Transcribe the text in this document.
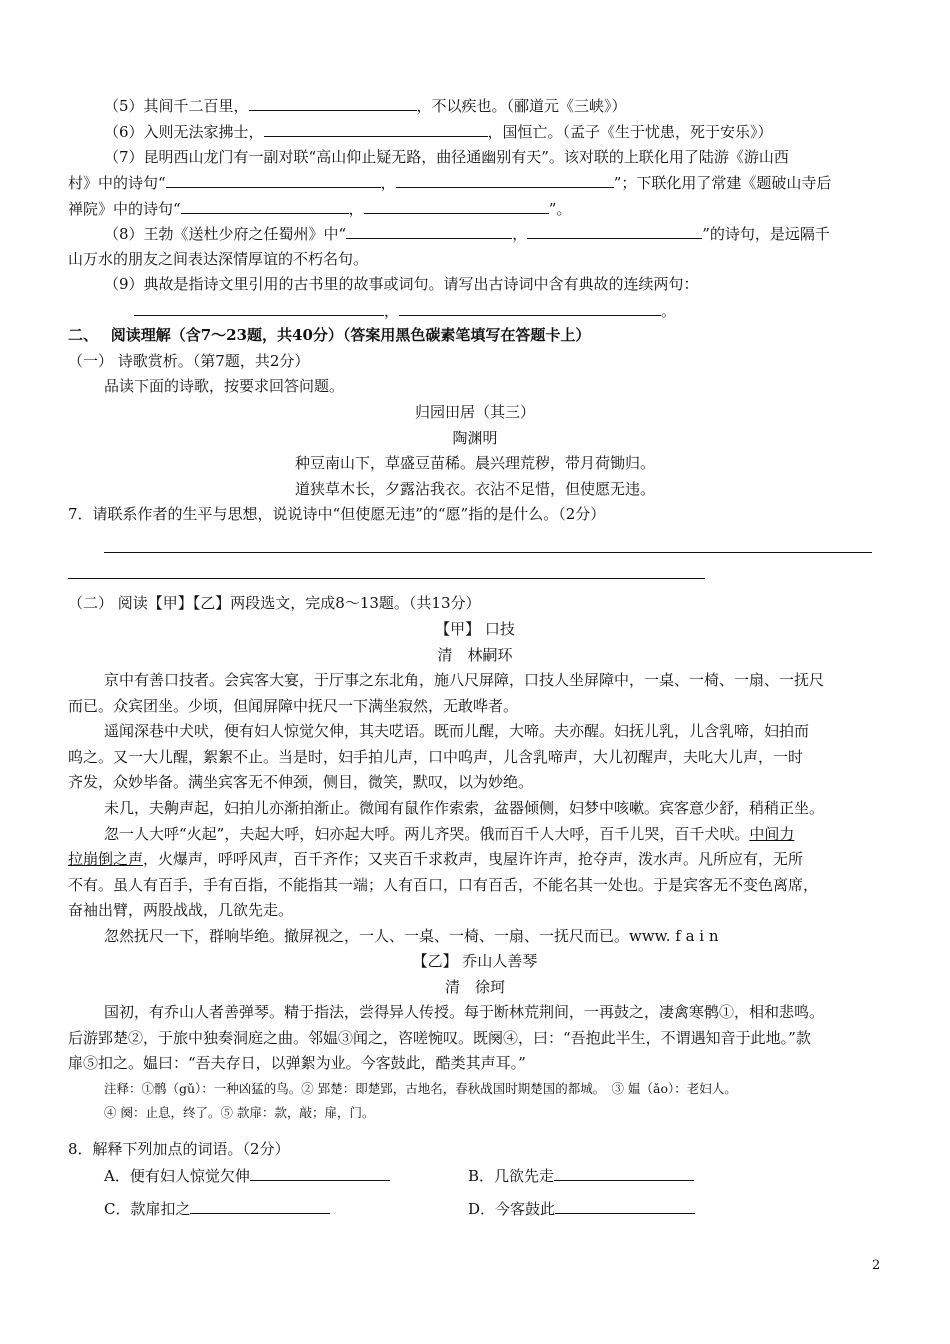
（5）其间千二百里，	，不以疾也。（郦道元《三峡》）
（6）入则无法家拂士，	，国恒亡。（孟子《生于忧患，死于安乐》）
（7）昆明西山龙门有一副对联“高山仰止疑无路，曲径通幽别有天”。该对联的上联化用了陆游《游山西
村》中的诗句“	，	”；下联化用了常建《题破山寺后
禅院》中的诗句“	，	”。
（8）王勃《送杜少府之任蜀州》中“	，	”的诗句，是远隔千
山万水的朋友之间表达深情厚谊的不朽名句。
（9）典故是指诗文里引用的古书里的故事或词句。请写出古诗词中含有典故的连续两句：
，	。
二、　 阅读理解（含7～23题，共40分）（答案用黑色碳素笔填写在答题卡上）
（一） 诗歌赏析。（第7题，共2分）
品读下面的诗歌，按要求回答问题。
归园田居（其三）
陶渊明
种豆南山下，草盛豆苗稀。晨兴理荒秽，带月荷锄归。
道狭草木长，夕露沾我衣。衣沾不足惜，但使愿无违。
7．请联系作者的生平与思想，说说诗中“但使愿无违”的“愿”指的是什么。（2分）
（二） 阅读【甲】【乙】两段选文，完成8～13题。（共13分）
【甲】 口技
清　林嗣环
京中有善口技者。会宾客大宴，于厅事之东北角，施八尺屏障，口技人坐屏障中，一桌、一椅、一扇、一抚尺
而已。众宾团坐。少顷，但闻屏障中抚尺一下满坐寂然，无敢哗者。
遥闻深巷中犬吠，便有妇人惊觉欠伸，其夫呓语。既而儿醒，大啼。夫亦醒。妇抚儿乳，儿含乳啼，妇拍而
呜之。又一大儿醒，絮絮不止。当是时，妇手拍儿声，口中呜声，儿含乳啼声，大儿初醒声，夫叱大儿声，一时
齐发，众妙毕备。满坐宾客无不伸颈，侧目，微笑，默叹，以为妙绝。
未几，夫齁声起，妇拍儿亦渐拍渐止。微闻有鼠作作索索，盆器倾侧，妇梦中咳嗽。宾客意少舒，稍稍正坐。
忽一人大呼“火起”，夫起大呼，妇亦起大呼。两儿齐哭。俄而百千人大呼，百千儿哭，百千犬吠。中间力
拉崩倒之声，火爆声，呼呼风声，百千齐作；又夹百千求救声，曳屋许许声，抢夺声，泼水声。凡所应有，无所
不有。虽人有百手，手有百指，不能指其一端；人有百口，口有百舌，不能名其一处也。于是宾客无不变色离席，
奋袖出臂，两股战战，几欲先走。
忽然抚尺一下，群响毕绝。撤屏视之，一人、一桌、一椅、一扇、一抚尺而已。www. f a i n
【乙】 乔山人善琴
清　徐珂
国初，有乔山人者善弹琴。精于指法，尝得异人传授。每于断林荒荆间，一再鼓之，凄禽寒鹘①，相和悲鸣。
后游郢楚②，于旅中独奏洞庭之曲。邻媪③闻之，咨嗟惋叹。既阕④，曰：“吾抱此半生，不谓遇知音于此地。”款
扉⑤扣之。媪曰：“吾夫存日，以弹絮为业。今客鼓此，酷类其声耳。”
注释：①鹘（gǔ）：一种凶猛的鸟。② 郢楚：即楚郢，古地名，春秋战国时期楚国的都城。　③ 媪（ǎo）：老妇人。
④ 阕：止息，终了。⑤ 款扉：款，敲；扉，门。
8．解释下列加点的词语。（2分）
A．便有妇人惊觉欠伸	B．几欲先走
C．款扉扣之	D．今客鼓此
2
